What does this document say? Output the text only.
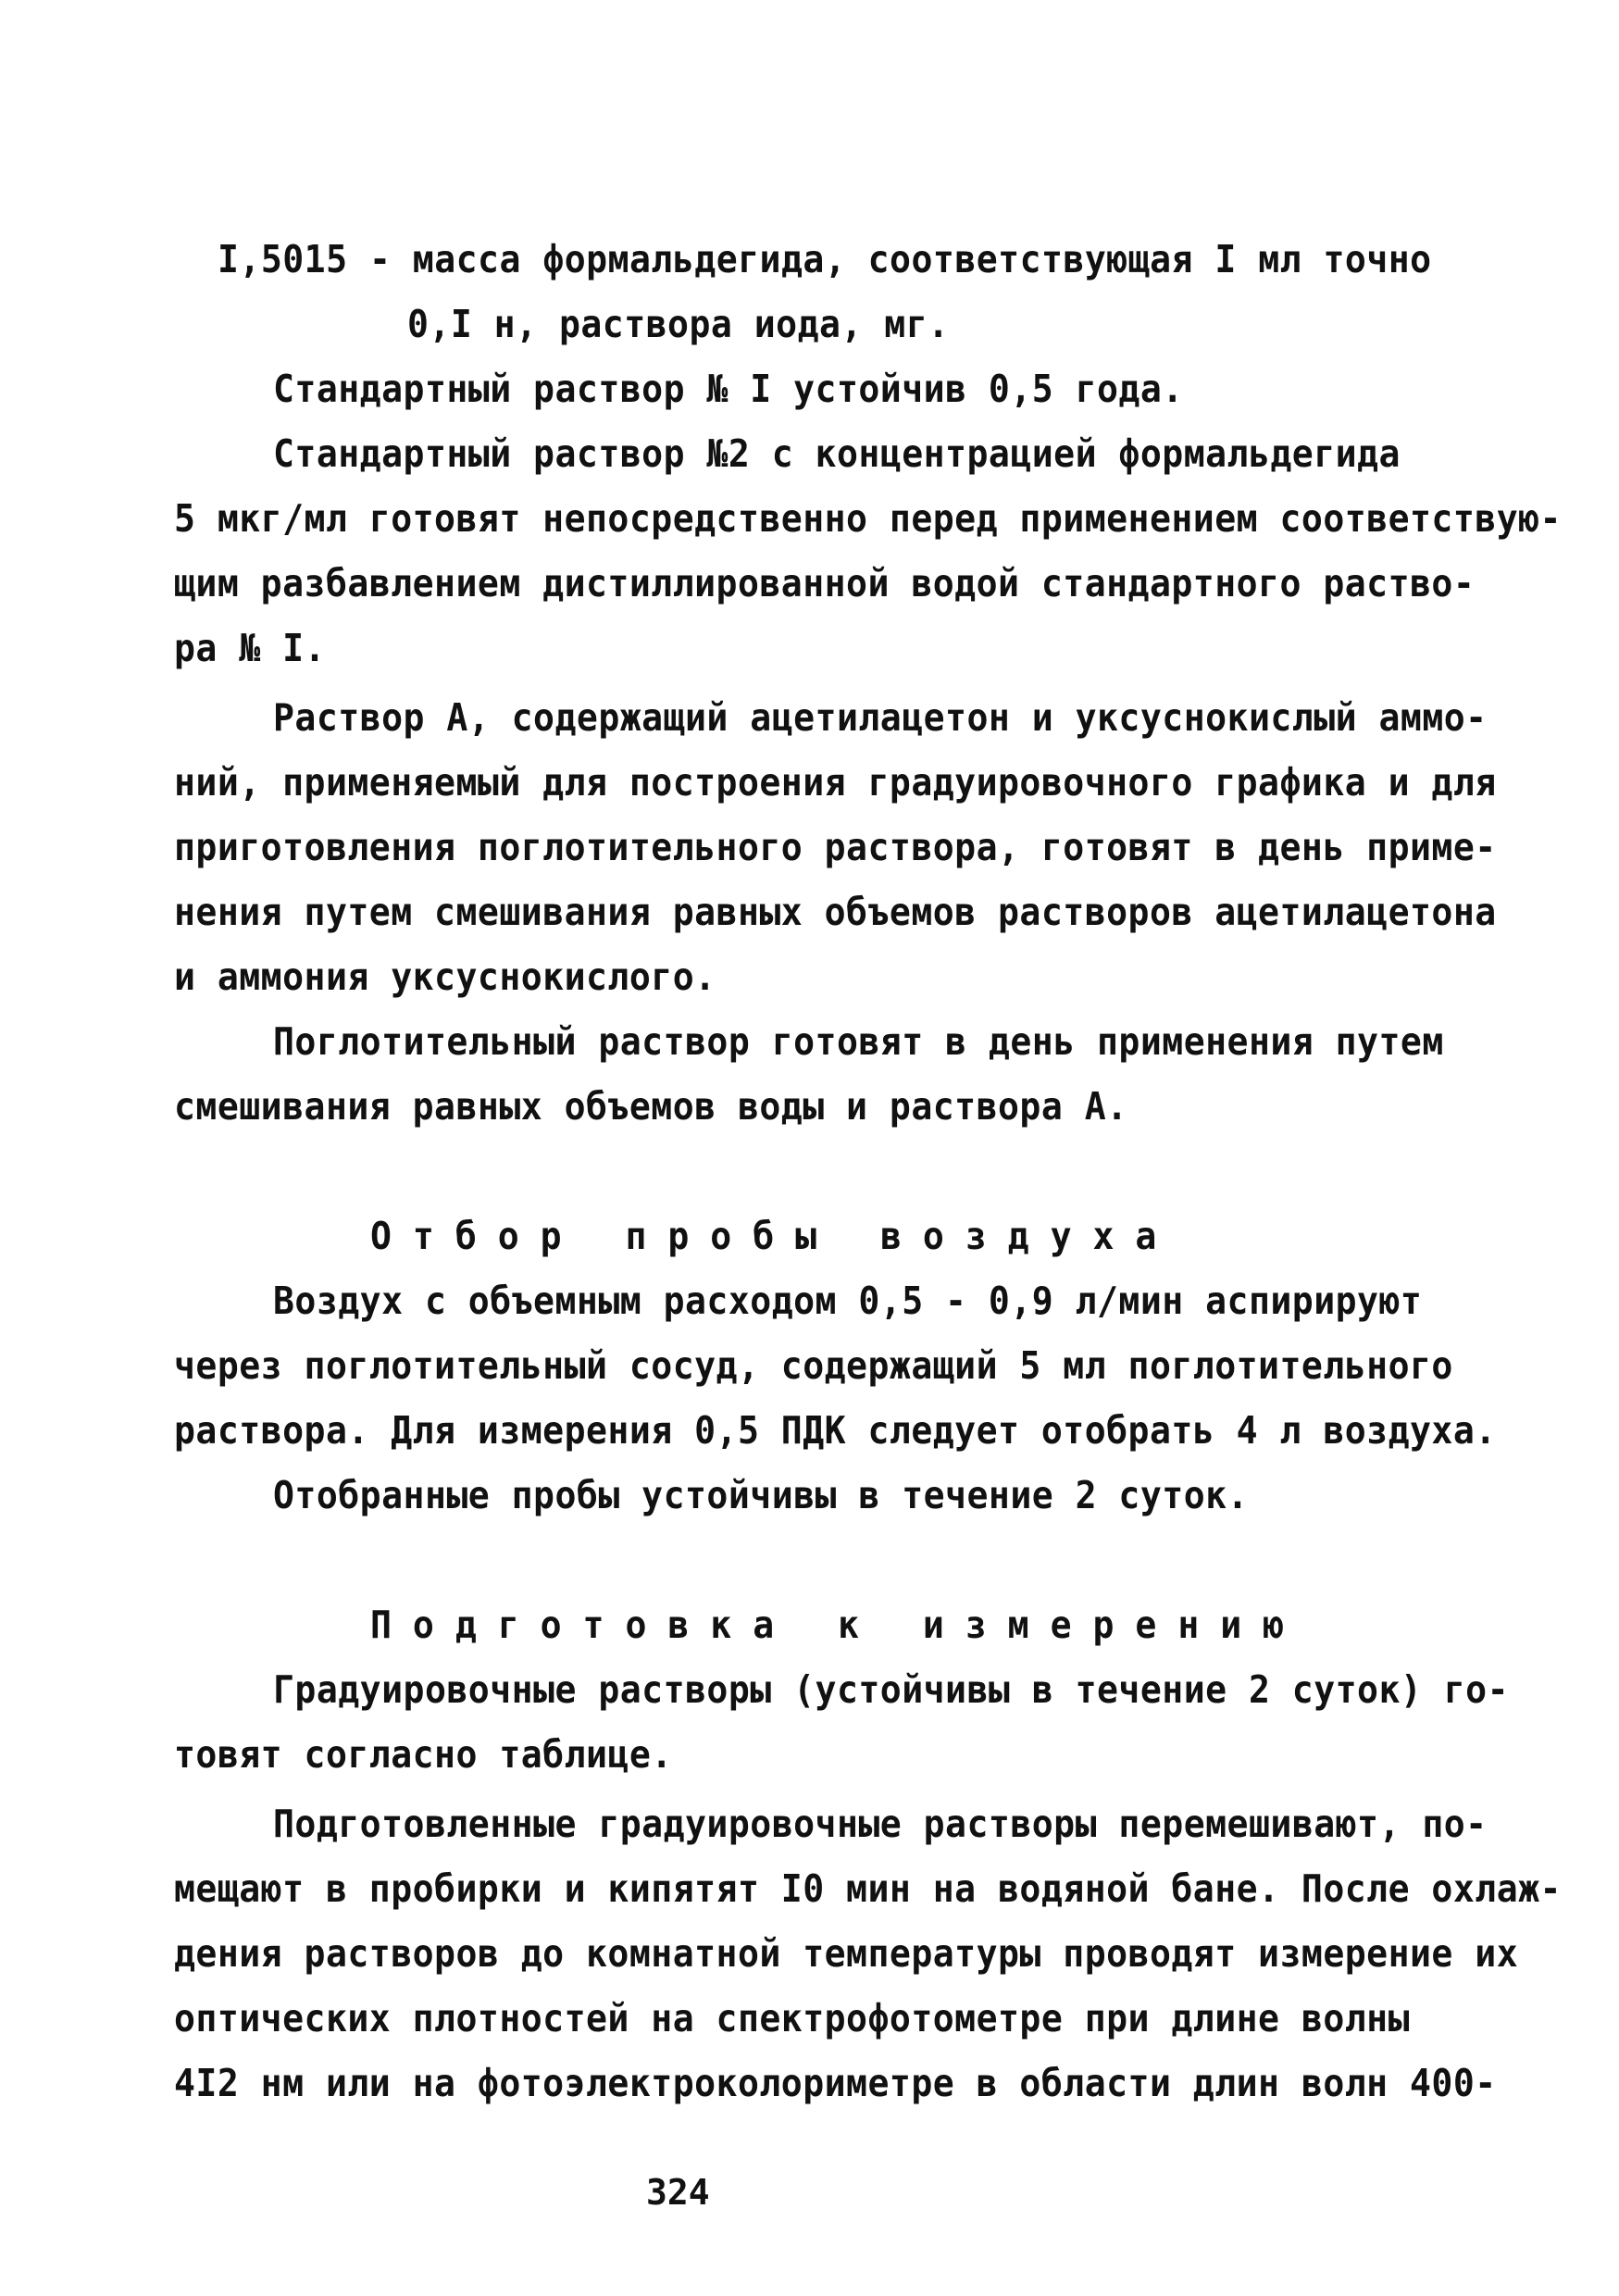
I,5015 - масса формальдегида, соответствующая I мл точно
0,I н, раствора иода, мг.
Стандартный раствор № I устойчив 0,5 года.
Стандартный раствор №2 с концентрацией формальдегида
5 мкг/мл готовят непосредственно перед применением соответствую-
щим разбавлением дистиллированной водой стандартного раство-
ра № I.
Раствор А, содержащий ацетилацетон и уксуснокислый аммо-
ний, применяемый для построения градуировочного графика и для
приготовления поглотительного раствора, готовят в день приме-
нения путем смешивания равных объемов растворов ацетилацетона
и аммония уксуснокислого.
Поглотительный раствор готовят в день применения путем
смешивания равных объемов воды и раствора А.
О т б о р   п р о б ы   в о з д у х а
Воздух с объемным расходом 0,5 - 0,9 л/мин аспирируют
через поглотительный сосуд, содержащий 5 мл поглотительного
раствора. Для измерения 0,5 ПДК следует отобрать 4 л воздуха.
Отобранные пробы устойчивы в течение 2 суток.
П о д г о т о в к а   к   и з м е р е н и ю
Градуировочные растворы (устойчивы в течение 2 суток) го-
товят согласно таблице.
Подготовленные градуировочные растворы перемешивают, по-
мещают в пробирки и кипятят I0 мин на водяной бане. После охлаж-
дения растворов до комнатной температуры проводят измерение их
оптических плотностей на спектрофотометре при длине волны
4I2 нм или на фотоэлектроколориметре в области длин волн 400-
324
